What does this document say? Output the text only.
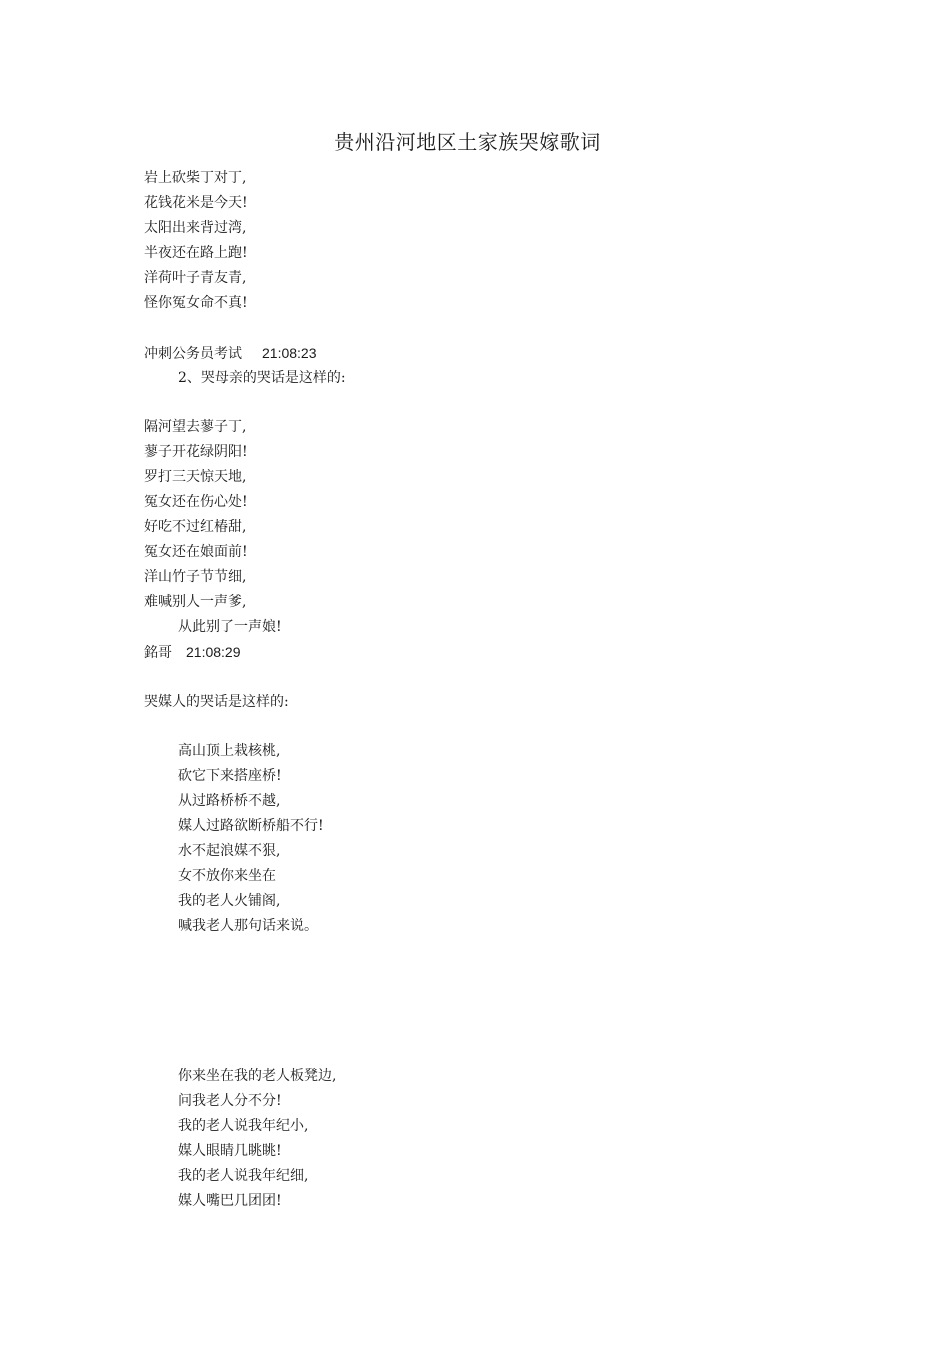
贵州沿河地区土家族哭嫁歌词
岩上砍柴丁对丁,
花钱花米是今天!
太阳出来背过湾,
半夜还在路上跑!
洋荷叶子青友青,
怪你冤女命不真!
冲刺公务员考试 21:08:23
2、哭母亲的哭话是这样的:
隔河望去蓼子丁,
蓼子开花绿阴阳!
罗打三天惊天地,
冤女还在伤心处!
好吃不过红椿甜,
冤女还在娘面前!
洋山竹子节节细,
难喊别人一声爹,
从此别了一声娘!
銘哥 21:08:29
哭媒人的哭话是这样的:
高山顶上栽核桃,
砍它下来搭座桥!
从过路桥桥不越,
媒人过路欲断桥船不行!
水不起浪媒不狠,
女不放你来坐在
我的老人火铺阁,
喊我老人那句话来说。
你来坐在我的老人板凳边,
问我老人分不分!
我的老人说我年纪小,
媒人眼睛几眺眺!
我的老人说我年纪细,
媒人嘴巴几团团!
